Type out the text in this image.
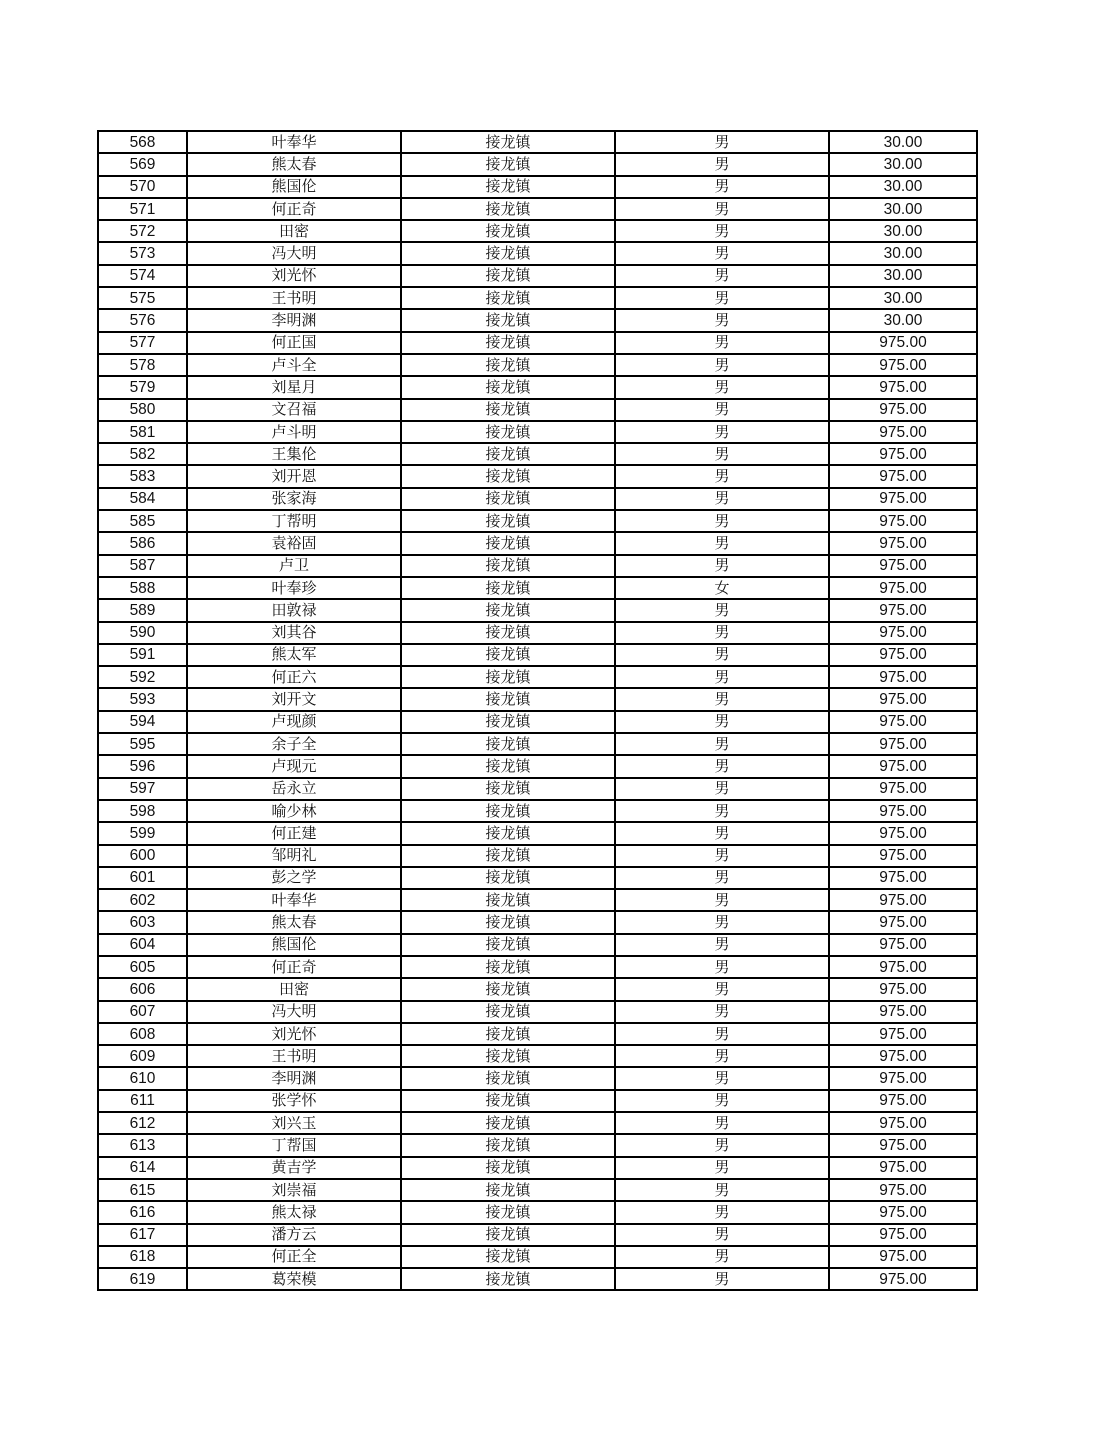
568	叶奉华	接龙镇	男	30.00
569	熊太春	接龙镇	男	30.00
570	熊国伦	接龙镇	男	30.00
571	何正奇	接龙镇	男	30.00
572	田密	接龙镇	男	30.00
573	冯大明	接龙镇	男	30.00
574	刘光怀	接龙镇	男	30.00
575	王书明	接龙镇	男	30.00
576	李明渊	接龙镇	男	30.00
577	何正国	接龙镇	男	975.00
578	卢斗全	接龙镇	男	975.00
579	刘星月	接龙镇	男	975.00
580	文召福	接龙镇	男	975.00
581	卢斗明	接龙镇	男	975.00
582	王集伦	接龙镇	男	975.00
583	刘开恩	接龙镇	男	975.00
584	张家海	接龙镇	男	975.00
585	丁帮明	接龙镇	男	975.00
586	袁裕固	接龙镇	男	975.00
587	卢卫	接龙镇	男	975.00
588	叶奉珍	接龙镇	女	975.00
589	田敦禄	接龙镇	男	975.00
590	刘其谷	接龙镇	男	975.00
591	熊太军	接龙镇	男	975.00
592	何正六	接龙镇	男	975.00
593	刘开文	接龙镇	男	975.00
594	卢现颜	接龙镇	男	975.00
595	余子全	接龙镇	男	975.00
596	卢现元	接龙镇	男	975.00
597	岳永立	接龙镇	男	975.00
598	喻少林	接龙镇	男	975.00
599	何正建	接龙镇	男	975.00
600	邹明礼	接龙镇	男	975.00
601	彭之学	接龙镇	男	975.00
602	叶奉华	接龙镇	男	975.00
603	熊太春	接龙镇	男	975.00
604	熊国伦	接龙镇	男	975.00
605	何正奇	接龙镇	男	975.00
606	田密	接龙镇	男	975.00
607	冯大明	接龙镇	男	975.00
608	刘光怀	接龙镇	男	975.00
609	王书明	接龙镇	男	975.00
610	李明渊	接龙镇	男	975.00
611	张学怀	接龙镇	男	975.00
612	刘兴玉	接龙镇	男	975.00
613	丁帮国	接龙镇	男	975.00
614	黄吉学	接龙镇	男	975.00
615	刘崇福	接龙镇	男	975.00
616	熊太禄	接龙镇	男	975.00
617	潘方云	接龙镇	男	975.00
618	何正全	接龙镇	男	975.00
619	葛荣模	接龙镇	男	975.00
